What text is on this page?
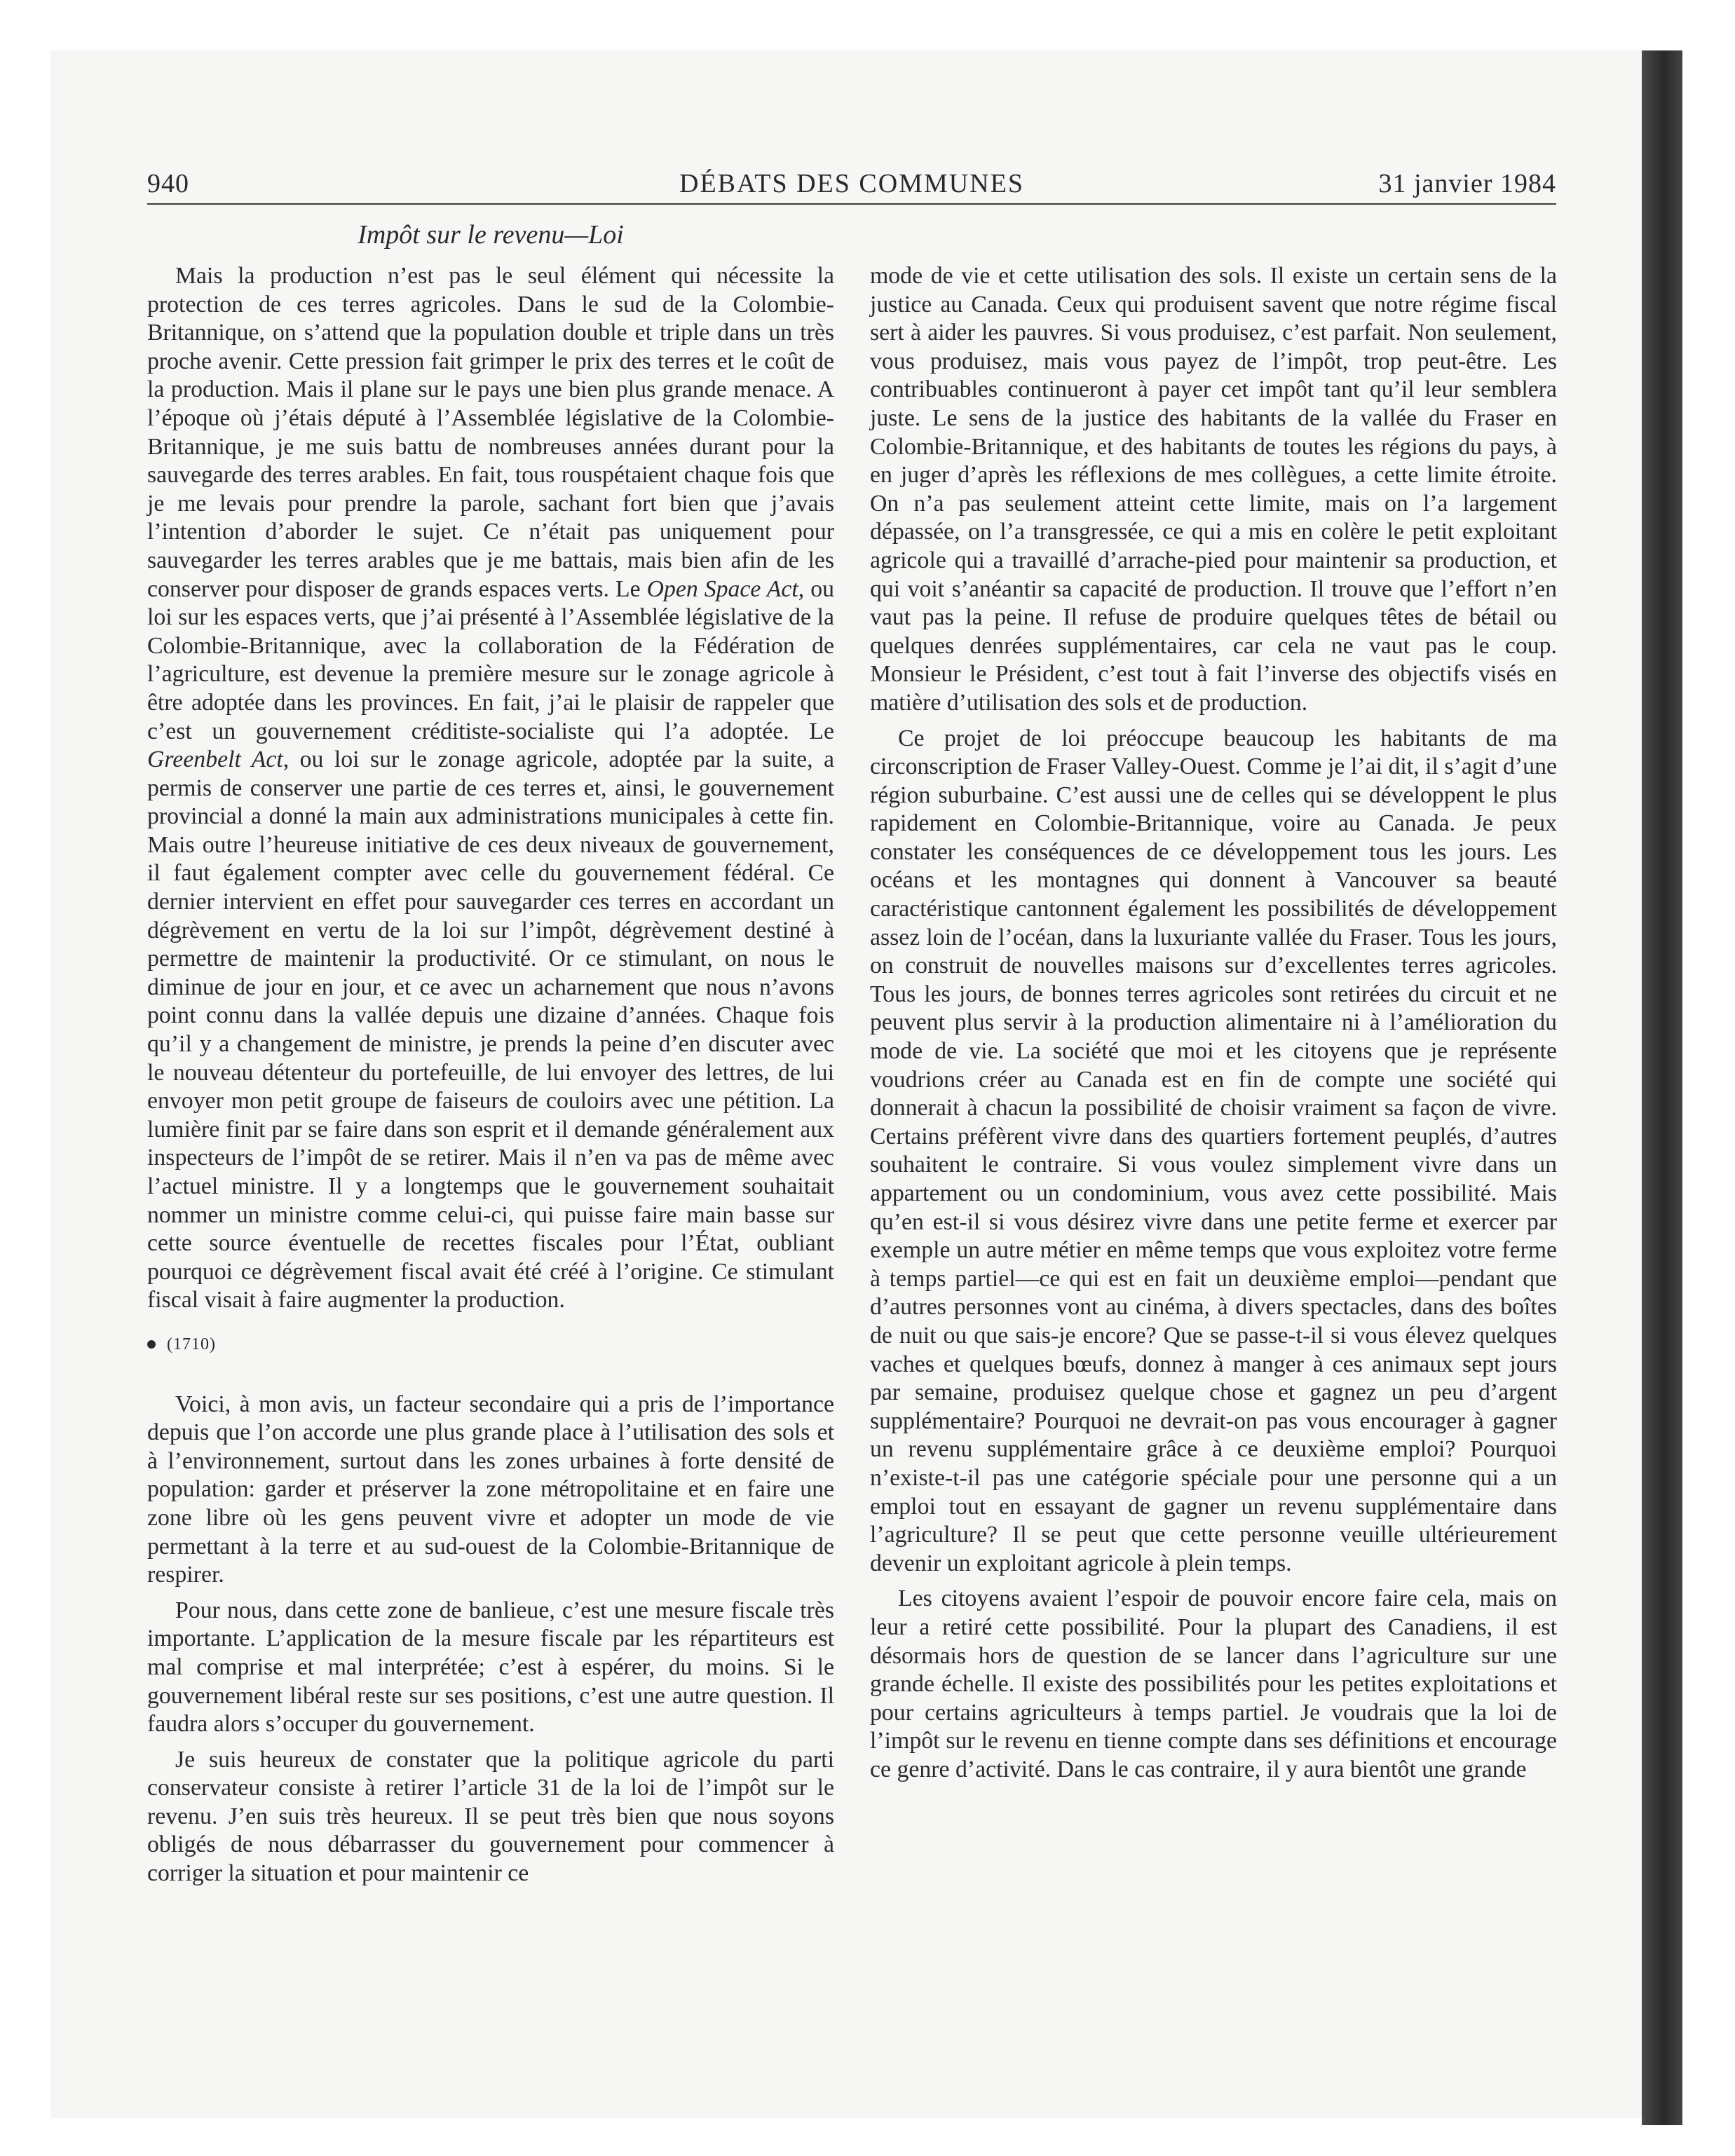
940	DÉBATS DES COMMUNES	31 janvier 1984
Impôt sur le revenu—Loi

Mais la production n’est pas le seul élément qui nécessite la protection de ces terres agricoles. Dans le sud de la Colombie-Britannique, on s’attend que la population double et triple dans un très proche avenir. Cette pression fait grimper le prix des terres et le coût de la production. Mais il plane sur le pays une bien plus grande menace. A l’époque où j’étais député à l’Assemblée législative de la Colombie-Britannique, je me suis battu de nombreuses années durant pour la sauvegarde des terres arables. En fait, tous rouspétaient chaque fois que je me levais pour prendre la parole, sachant fort bien que j’avais l’intention d’aborder le sujet. Ce n’était pas uniquement pour sauvegarder les terres arables que je me battais, mais bien afin de les conserver pour disposer de grands espaces verts. Le Open Space Act, ou loi sur les espaces verts, que j’ai présenté à l’Assemblée législative de la Colombie-Britannique, avec la collaboration de la Fédération de l’agriculture, est devenue la première mesure sur le zonage agricole à être adoptée dans les provinces. En fait, j’ai le plaisir de rappeler que c’est un gouvernement créditiste-socialiste qui l’a adoptée. Le Greenbelt Act, ou loi sur le zonage agricole, adoptée par la suite, a permis de conserver une partie de ces terres et, ainsi, le gouvernement provincial a donné la main aux administrations municipales à cette fin. Mais outre l’heureuse initiative de ces deux niveaux de gouvernement, il faut également compter avec celle du gouvernement fédéral. Ce dernier intervient en effet pour sauvegarder ces terres en accordant un dégrèvement en vertu de la loi sur l’impôt, dégrèvement destiné à permettre de maintenir la productivité. Or ce stimulant, on nous le diminue de jour en jour, et ce avec un acharnement que nous n’avons point connu dans la vallée depuis une dizaine d’années. Chaque fois qu’il y a changement de ministre, je prends la peine d’en discuter avec le nouveau détenteur du portefeuille, de lui envoyer des lettres, de lui envoyer mon petit groupe de faiseurs de couloirs avec une pétition. La lumière finit par se faire dans son esprit et il demande généralement aux inspecteurs de l’impôt de se retirer. Mais il n’en va pas de même avec l’actuel ministre. Il y a longtemps que le gouvernement souhaitait nommer un ministre comme celui-ci, qui puisse faire main basse sur cette source éventuelle de recettes fiscales pour l’État, oubliant pourquoi ce dégrèvement fiscal avait été créé à l’origine. Ce stimulant fiscal visait à faire augmenter la production.

(1710)

Voici, à mon avis, un facteur secondaire qui a pris de l’importance depuis que l’on accorde une plus grande place à l’utilisation des sols et à l’environnement, surtout dans les zones urbaines à forte densité de population: garder et préserver la zone métropolitaine et en faire une zone libre où les gens peuvent vivre et adopter un mode de vie permettant à la terre et au sud-ouest de la Colombie-Britannique de respirer.

Pour nous, dans cette zone de banlieue, c’est une mesure fiscale très importante. L’application de la mesure fiscale par les répartiteurs est mal comprise et mal interprétée; c’est à espérer, du moins. Si le gouvernement libéral reste sur ses positions, c’est une autre question. Il faudra alors s’occuper du gouvernement.

Je suis heureux de constater que la politique agricole du parti conservateur consiste à retirer l’article 31 de la loi de l’impôt sur le revenu. J’en suis très heureux. Il se peut très bien que nous soyons obligés de nous débarrasser du gouvernement pour commencer à corriger la situation et pour maintenir ce

mode de vie et cette utilisation des sols. Il existe un certain sens de la justice au Canada. Ceux qui produisent savent que notre régime fiscal sert à aider les pauvres. Si vous produisez, c’est parfait. Non seulement, vous produisez, mais vous payez de l’impôt, trop peut-être. Les contribuables continueront à payer cet impôt tant qu’il leur semblera juste. Le sens de la justice des habitants de la vallée du Fraser en Colombie-Britannique, et des habitants de toutes les régions du pays, à en juger d’après les réflexions de mes collègues, a cette limite étroite. On n’a pas seulement atteint cette limite, mais on l’a largement dépassée, on l’a transgressée, ce qui a mis en colère le petit exploitant agricole qui a travaillé d’arrache-pied pour maintenir sa production, et qui voit s’anéantir sa capacité de production. Il trouve que l’effort n’en vaut pas la peine. Il refuse de produire quelques têtes de bétail ou quelques denrées supplémentaires, car cela ne vaut pas le coup. Monsieur le Président, c’est tout à fait l’inverse des objectifs visés en matière d’utilisation des sols et de production.

Ce projet de loi préoccupe beaucoup les habitants de ma circonscription de Fraser Valley-Ouest. Comme je l’ai dit, il s’agit d’une région suburbaine. C’est aussi une de celles qui se développent le plus rapidement en Colombie-Britannique, voire au Canada. Je peux constater les conséquences de ce développement tous les jours. Les océans et les montagnes qui donnent à Vancouver sa beauté caractéristique cantonnent également les possibilités de développement assez loin de l’océan, dans la luxuriante vallée du Fraser. Tous les jours, on construit de nouvelles maisons sur d’excellentes terres agricoles. Tous les jours, de bonnes terres agricoles sont retirées du circuit et ne peuvent plus servir à la production alimentaire ni à l’amélioration du mode de vie. La société que moi et les citoyens que je représente voudrions créer au Canada est en fin de compte une société qui donnerait à chacun la possibilité de choisir vraiment sa façon de vivre. Certains préfèrent vivre dans des quartiers fortement peuplés, d’autres souhaitent le contraire. Si vous voulez simplement vivre dans un appartement ou un condominium, vous avez cette possibilité. Mais qu’en est-il si vous désirez vivre dans une petite ferme et exercer par exemple un autre métier en même temps que vous exploitez votre ferme à temps partiel—ce qui est en fait un deuxième emploi—pendant que d’autres personnes vont au cinéma, à divers spectacles, dans des boîtes de nuit ou que sais-je encore? Que se passe-t-il si vous élevez quelques vaches et quelques bœufs, donnez à manger à ces animaux sept jours par semaine, produisez quelque chose et gagnez un peu d’argent supplémentaire? Pourquoi ne devrait-on pas vous encourager à gagner un revenu supplémentaire grâce à ce deuxième emploi? Pourquoi n’existe-t-il pas une catégorie spéciale pour une personne qui a un emploi tout en essayant de gagner un revenu supplémentaire dans l’agriculture? Il se peut que cette personne veuille ultérieurement devenir un exploitant agricole à plein temps.

Les citoyens avaient l’espoir de pouvoir encore faire cela, mais on leur a retiré cette possibilité. Pour la plupart des Canadiens, il est désormais hors de question de se lancer dans l’agriculture sur une grande échelle. Il existe des possibilités pour les petites exploitations et pour certains agriculteurs à temps partiel. Je voudrais que la loi de l’impôt sur le revenu en tienne compte dans ses définitions et encourage ce genre d’activité. Dans le cas contraire, il y aura bientôt une grande
